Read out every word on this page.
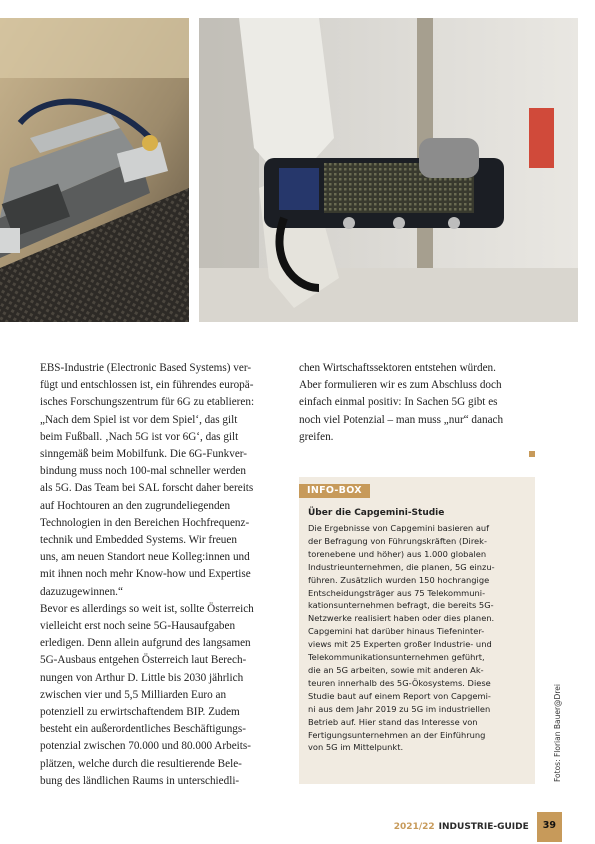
EBS-Industrie (Electronic Based Systems) ver-
fügt und entschlossen ist, ein führendes europä-
isches Forschungszentrum für 6G zu etablieren:
„Nach dem Spiel ist vor dem Spiel‘, das gilt
beim Fußball. ‚Nach 5G ist vor 6G‘, das gilt
sinngemäß beim Mobilfunk. Die 6G-Funkver-
bindung muss noch 100-mal schneller werden
als 5G. Das Team bei SAL forscht daher bereits
auf Hochtouren an den zugrundeliegenden
Technologien in den Bereichen Hochfrequenz-
technik und Embedded Systems. Wir freuen
uns, am neuen Standort neue Kolleg:innen und
mit ihnen noch mehr Know-how und Expertise
dazuzugewinnen.“
Bevor es allerdings so weit ist, sollte Österreich
vielleicht erst noch seine 5G-Hausaufgaben
erledigen. Denn allein aufgrund des langsamen
5G-Ausbaus entgehen Österreich laut Berech-
nungen von Arthur D. Little bis 2030 jährlich
zwischen vier und 5,5 Milliarden Euro an
potenziell zu erwirtschaftendem BIP. Zudem
besteht ein außerordentliches Beschäftigungs-
potenzial zwischen 70.000 und 80.000 Arbeits-
plätzen, welche durch die resultierende Bele-
bung des ländlichen Raums in unterschiedli-

chen Wirtschaftssektoren entstehen würden.
Aber formulieren wir es zum Abschluss doch
einfach einmal positiv: In Sachen 5G gibt es
noch viel Potenzial – man muss „nur“ danach
greifen.

INFO-BOX
Über die Capgemini-Studie
Die Ergebnisse von Capgemini basieren auf
der Befragung von Führungskräften (Direk-
torenebene und höher) aus 1.000 globalen
Industrieunternehmen, die planen, 5G einzu-
führen. Zusätzlich wurden 150 hochrangige
Entscheidungsträger aus 75 Telekommuni-
kationsunternehmen befragt, die bereits 5G-
Netzwerke realisiert haben oder dies planen.
Capgemini hat darüber hinaus Tiefeninter-
views mit 25 Experten großer Industrie- und
Telekommunikationsunternehmen geführt,
die an 5G arbeiten, sowie mit anderen Ak-
teuren innerhalb des 5G-Ökosystems. Diese
Studie baut auf einem Report von Capgemi-
ni aus dem Jahr 2019 zu 5G im industriellen
Betrieb auf. Hier stand das Interesse von
Fertigungsunternehmen an der Einführung
von 5G im Mittelpunkt.	Fotos: Florian Bauer@Drei
2021/22 INDUSTRIE-GUIDE	39
